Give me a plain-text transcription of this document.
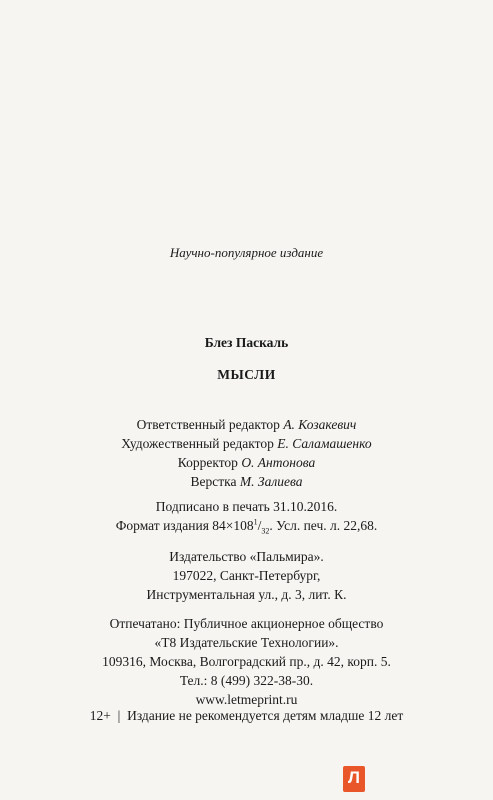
Научно-популярное издание
Блез Паскаль
МЫСЛИ
Ответственный редактор А. Козакевич
Художественный редактор Е. Саламашенко
Корректор О. Антонова
Верстка М. Залиева
Подписано в печать 31.10.2016.
Формат издания $84\times 108^1/_{32}$. Усл. печ. л. 22,68.
Издательство «Пальмира».
197022, Санкт-Петербург,
Инструментальная ул., д. 3, лит. К.
Отпечатано: Публичное акционерное общество
«Т8 Издательские Технологии».
109316, Москва, Волгоградский пр., д. 42, корп. 5.
Тел.: 8 (499) 322-38-30.
www.letmeprint.ru
12+  |  Издание не рекомендуется детям младше 12 лет
Л
